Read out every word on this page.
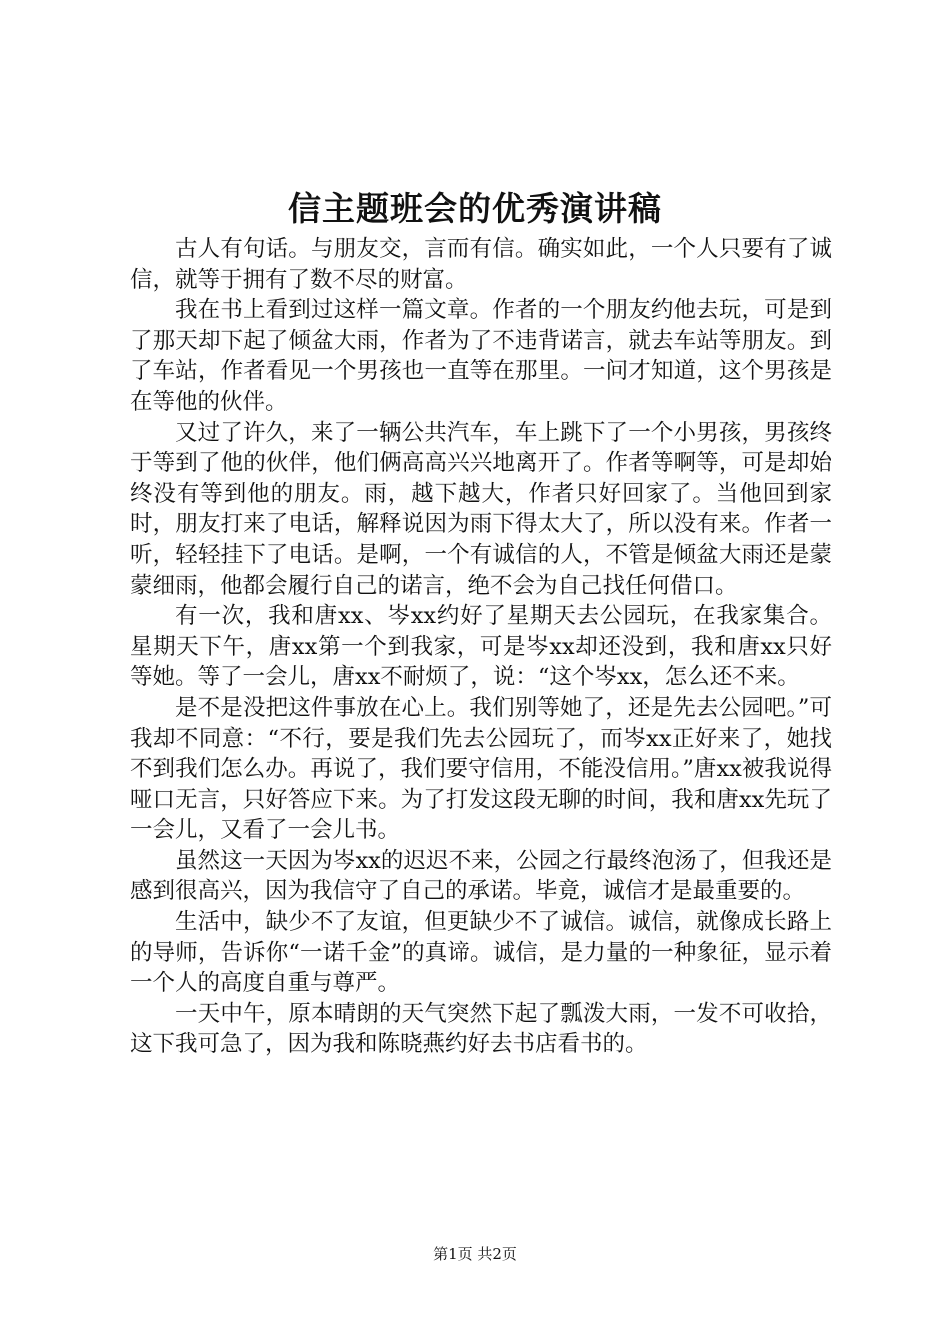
信主题班会的优秀演讲稿

古人有句话。与朋友交，言而有信。确实如此，一个人只要有了诚信，就等于拥有了数不尽的财富。

我在书上看到过这样一篇文章。作者的一个朋友约他去玩，可是到了那天却下起了倾盆大雨，作者为了不违背诺言，就去车站等朋友。到了车站，作者看见一个男孩也一直等在那里。一问才知道，这个男孩是在等他的伙伴。

又过了许久，来了一辆公共汽车，车上跳下了一个小男孩，男孩终于等到了他的伙伴，他们俩高高兴兴地离开了。作者等啊等，可是却始终没有等到他的朋友。雨，越下越大，作者只好回家了。当他回到家时，朋友打来了电话，解释说因为雨下得太大了，所以没有来。作者一听，轻轻挂下了电话。是啊，一个有诚信的人，不管是倾盆大雨还是蒙蒙细雨，他都会履行自己的诺言，绝不会为自己找任何借口。

有一次，我和唐xx、岑xx约好了星期天去公园玩，在我家集合。星期天下午，唐xx第一个到我家，可是岑xx却还没到，我和唐xx只好等她。等了一会儿，唐xx不耐烦了，说：“这个岑xx，怎么还不来。

是不是没把这件事放在心上。我们别等她了，还是先去公园吧。”可我却不同意：“不行，要是我们先去公园玩了，而岑xx正好来了，她找不到我们怎么办。再说了，我们要守信用，不能没信用。”唐xx被我说得哑口无言，只好答应下来。为了打发这段无聊的时间，我和唐xx先玩了一会儿，又看了一会儿书。

虽然这一天因为岑xx的迟迟不来，公园之行最终泡汤了，但我还是感到很高兴，因为我信守了自己的承诺。毕竟，诚信才是最重要的。

生活中，缺少不了友谊，但更缺少不了诚信。诚信，就像成长路上的导师，告诉你“一诺千金”的真谛。诚信，是力量的一种象征，显示着一个人的高度自重与尊严。

一天中午，原本晴朗的天气突然下起了瓢泼大雨，一发不可收拾，这下我可急了，因为我和陈晓燕约好去书店看书的。

第1页 共2页
